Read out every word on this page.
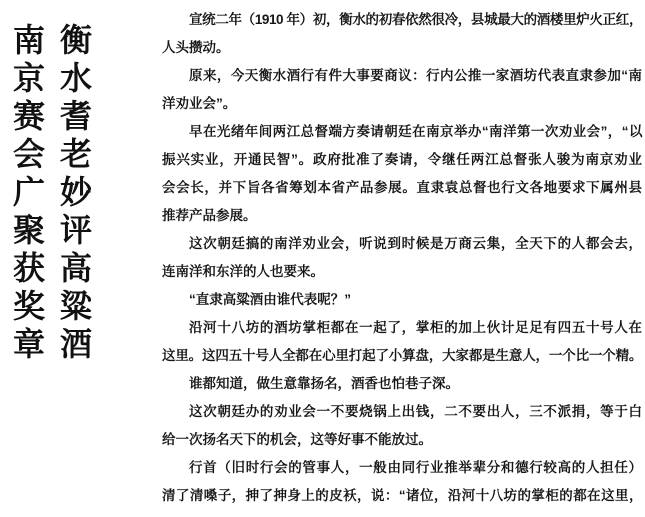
衡水耆老妙评高粱酒
南京赛会广聚获奖章
宣统二年（1910 年）初，衡水的初春依然很冷，县城最大的酒楼里炉火正红，
人头攒动。
原来，今天衡水酒行有件大事要商议：行内公推一家酒坊代表直隶参加“南
洋劝业会”。
早在光绪年间两江总督端方奏请朝廷在南京举办“南洋第一次劝业会”，“以
振兴实业，开通民智”。政府批准了奏请，令继任两江总督张人骏为南京劝业
会会长，并下旨各省筹划本省产品参展。直隶袁总督也行文各地要求下属州县
推荐产品参展。
这次朝廷搞的南洋劝业会，听说到时候是万商云集，全天下的人都会去，
连南洋和东洋的人也要来。
“直隶高粱酒由谁代表呢？”
沿河十八坊的酒坊掌柜都在一起了，掌柜的加上伙计足足有四五十号人在
这里。这四五十号人全都在心里打起了小算盘，大家都是生意人，一个比一个精。
谁都知道，做生意靠扬名，酒香也怕巷子深。
这次朝廷办的劝业会一不要烧锅上出钱，二不要出人，三不派捐，等于白
给一次扬名天下的机会，这等好事不能放过。
行首（旧时行会的管事人，一般由同行业推举辈分和德行较高的人担任）
清了清嗓子，抻了抻身上的皮袄，说：“诸位，沿河十八坊的掌柜的都在这里，
